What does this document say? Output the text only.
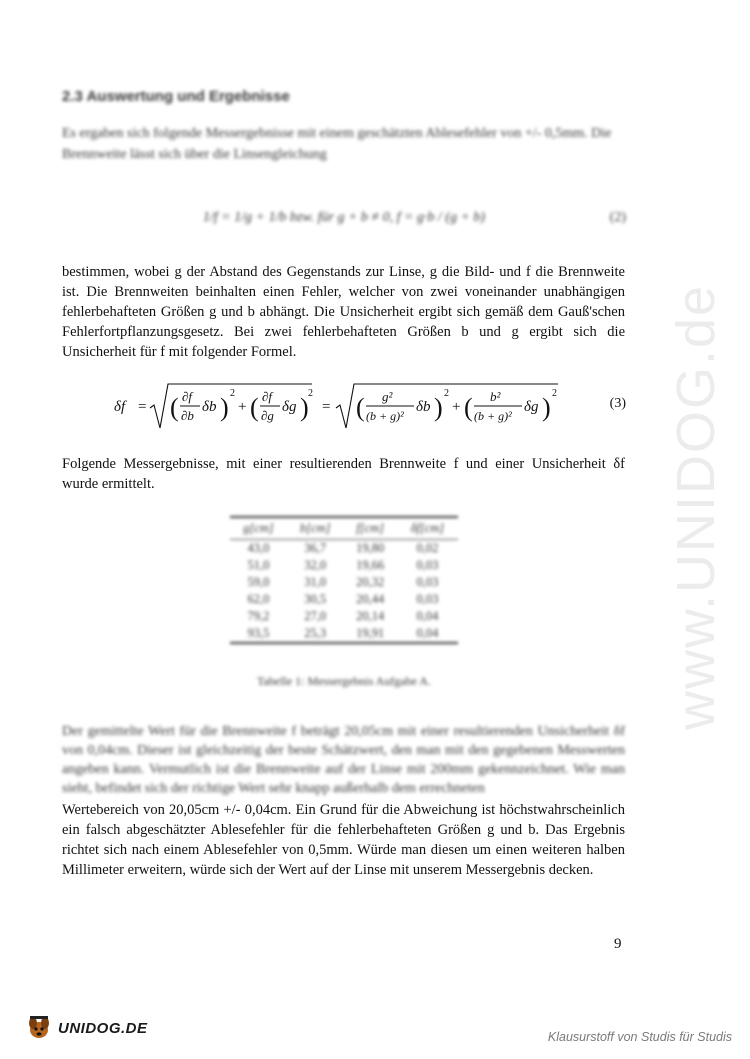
www.UNIDOG.de
2.3 Auswertung und Ergebnisse
Es ergaben sich folgende Messergebnisse mit einem geschätzten Ablesefehler von +/- 0,5mm. Die Brennweite lässt sich über die Linsengleichung
1/f = 1/g + 1/b bzw. für g + b ≠ 0, f = g·b / (g + b)	(2)
bestimmen, wobei g der Abstand des Gegenstands zur Linse, g die Bild- und f die Brennweite ist. Die Brennweiten beinhalten einen Fehler, welcher von zwei voneinander unabhängigen fehlerbehafteten Größen g und b abhängt. Die Unsicherheit ergibt sich gemäß dem Gauß'schen Fehlerfortpflanzungsgesetz. Bei zwei fehlerbehafteten Größen b und g ergibt sich die Unsicherheit für f mit folgender Formel.
δf = ( ∂f
∂b
δb ) 2
+ ( ∂f
∂g
δg ) 2
= ( g²
(b + g)²
δb ) 2
+ ( b²
(b + g)²
δg ) 2
(3)
Folgende Messergebnisse, mit einer resultierenden Brennweite f und einer Unsicherheit δf wurde ermittelt.
g[cm]	b[cm]	f[cm]	δf[cm]
43,0	36,7	19,80	0,02
51,0	32,0	19,66	0,03
59,0	31,0	20,32	0,03
62,0	30,5	20,44	0,03
79,2	27,0	20,14	0,04
93,5	25,3	19,91	0,04
Tabelle 1: Messergebnis Aufgabe A.
Der gemittelte Wert für die Brennweite f beträgt 20,05cm mit einer resultierenden Unsicherheit δf von 0,04cm. Dieser ist gleichzeitig der beste Schätzwert, den man mit den gegebenen Messwerten angeben kann. Vermutlich ist die Brennweite auf der Linse mit 200mm gekennzeichnet. Wie man sieht, befindet sich der richtige Wert sehr knapp außerhalb dem errechneten
Wertebereich von 20,05cm +/- 0,04cm. Ein Grund für die Abweichung ist höchstwahrscheinlich ein falsch abgeschätzter Ablesefehler für die fehlerbehafteten Größen g und b. Das Ergebnis richtet sich nach einem Ablesefehler von 0,5mm. Würde man diesen um einen weiteren halben Millimeter erweitern, würde sich der Wert auf der Linse mit unserem Messergebnis decken.
9
UNIDOG.DE
Klausurstoff von Studis für Studis
